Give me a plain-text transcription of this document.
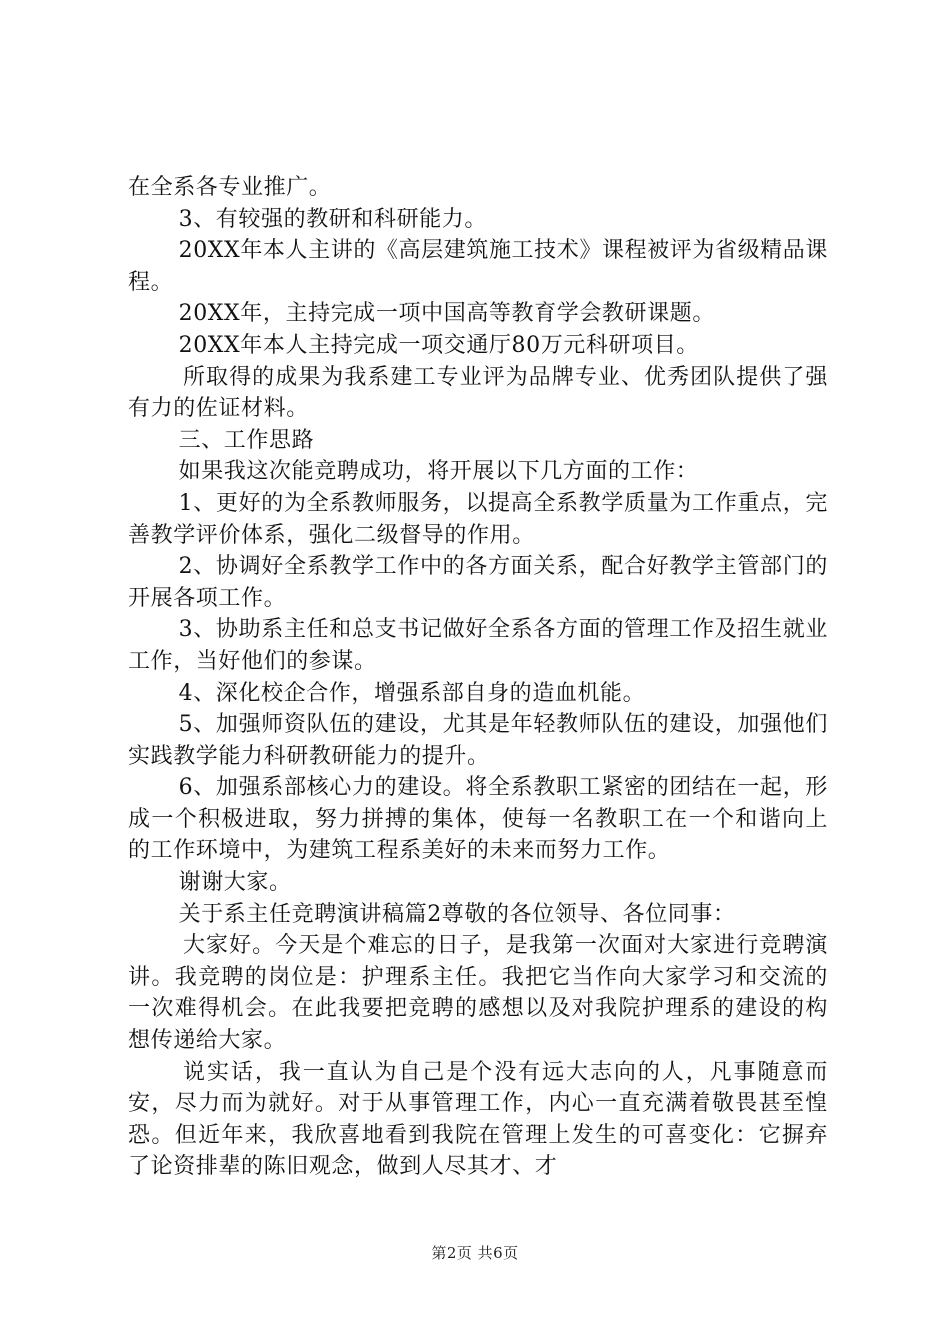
在全系各专业推广。

3、有较强的教研和科研能力。

20XX年本人主讲的《高层建筑施工技术》课程被评为省级精品课程。

20XX年，主持完成一项中国高等教育学会教研课题。

20XX年本人主持完成一项交通厅80万元科研项目。

所取得的成果为我系建工专业评为品牌专业、优秀团队提供了强有力的佐证材料。

三、工作思路

如果我这次能竞聘成功，将开展以下几方面的工作：

1、更好的为全系教师服务，以提高全系教学质量为工作重点，完善教学评价体系，强化二级督导的作用。

2、协调好全系教学工作中的各方面关系，配合好教学主管部门的开展各项工作。

3、协助系主任和总支书记做好全系各方面的管理工作及招生就业工作，当好他们的参谋。

4、深化校企合作，增强系部自身的造血机能。

5、加强师资队伍的建设，尤其是年轻教师队伍的建设，加强他们实践教学能力科研教研能力的提升。

6、加强系部核心力的建设。将全系教职工紧密的团结在一起，形成一个积极进取，努力拼搏的集体，使每一名教职工在一个和谐向上的工作环境中，为建筑工程系美好的未来而努力工作。

谢谢大家。

关于系主任竞聘演讲稿篇2尊敬的各位领导、各位同事：

大家好。今天是个难忘的日子，是我第一次面对大家进行竞聘演讲。我竞聘的岗位是：护理系主任。我把它当作向大家学习和交流的一次难得机会。在此我要把竞聘的感想以及对我院护理系的建设的构想传递给大家。

说实话，我一直认为自己是个没有远大志向的人，凡事随意而安，尽力而为就好。对于从事管理工作，内心一直充满着敬畏甚至惶恐。但近年来，我欣喜地看到我院在管理上发生的可喜变化：它摒弃了论资排辈的陈旧观念，做到人尽其才、才

第2页 共6页
